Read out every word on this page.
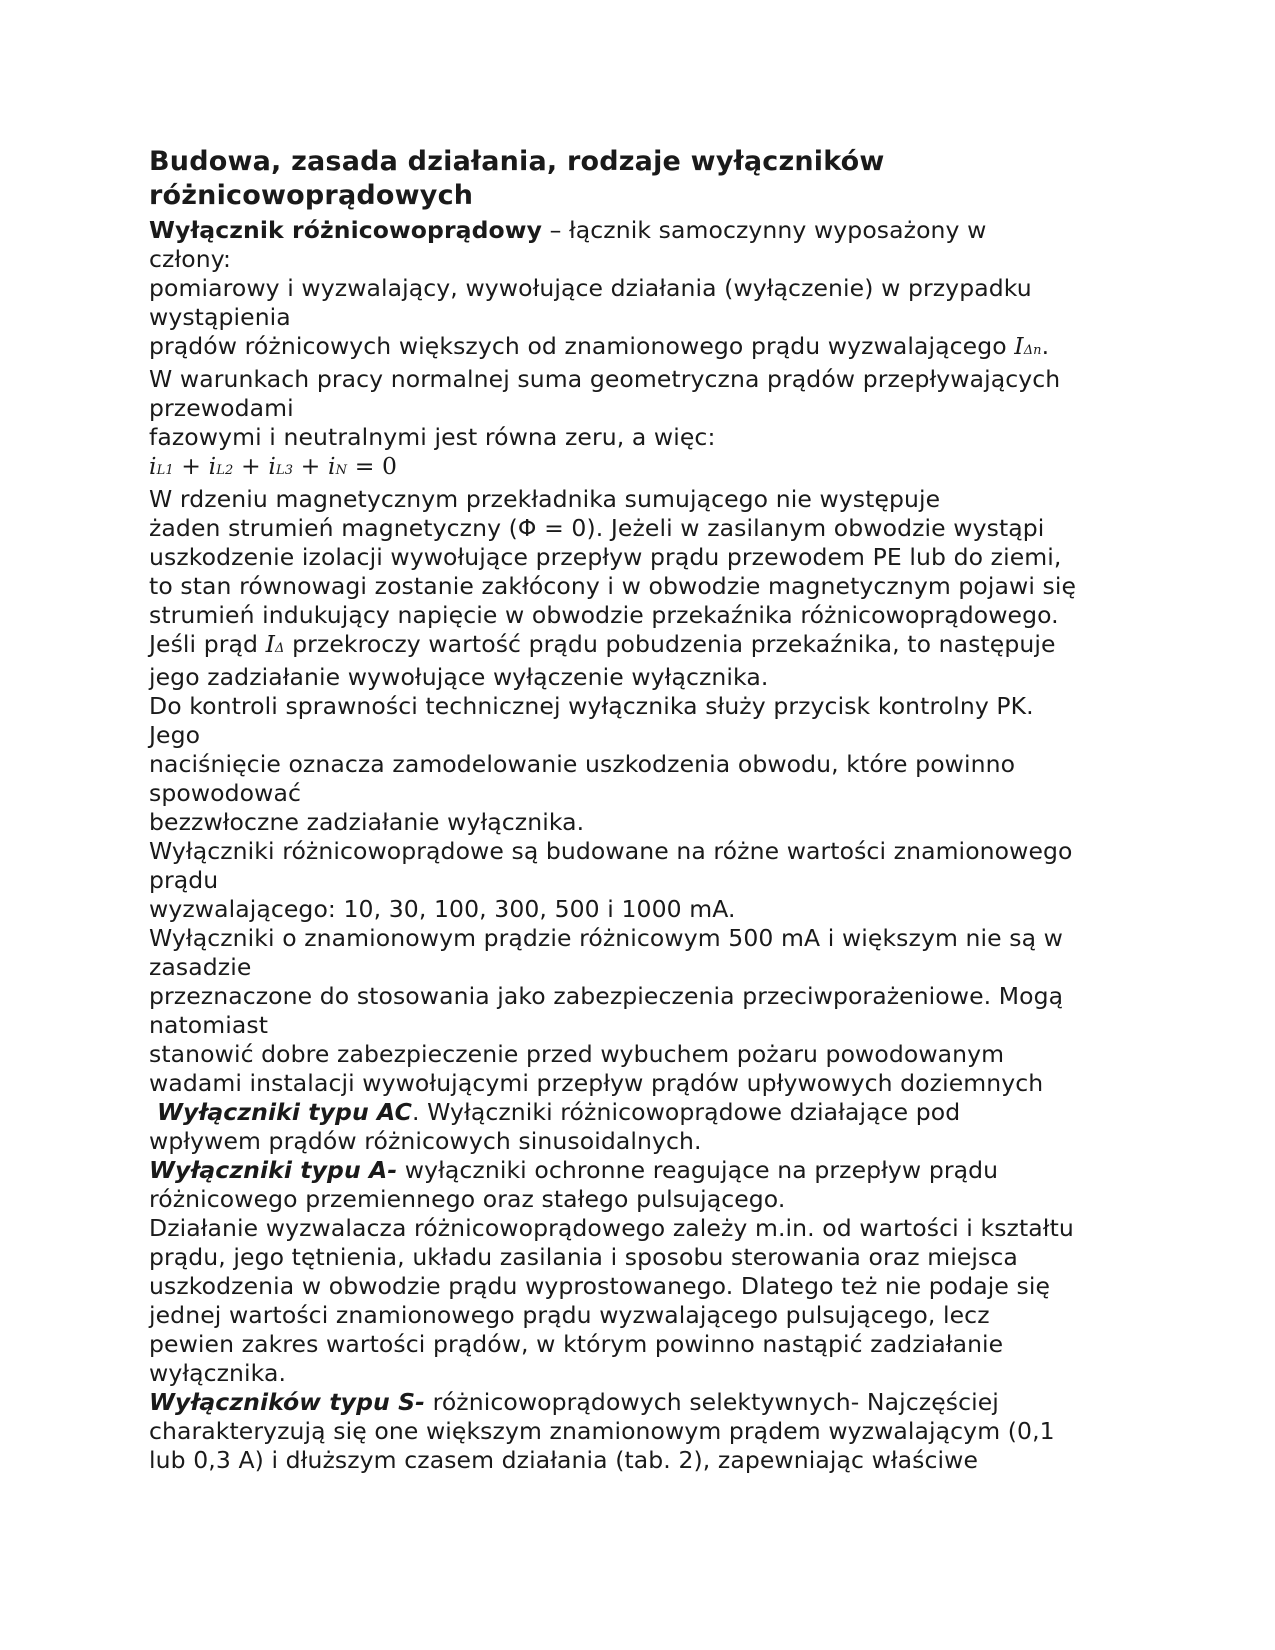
Budowa, zasada działania, rodzaje wyłączników
różnicowoprądowych
Wyłącznik różnicowoprądowy – łącznik samoczynny wyposażony w
człony:
pomiarowy i wyzwalający, wywołujące działania (wyłączenie) w przypadku
wystąpienia
prądów różnicowych większych od znamionowego prądu wyzwalającego IΔn.
W warunkach pracy normalnej suma geometryczna prądów przepływających
przewodami
fazowymi i neutralnymi jest równa zeru, a więc:
iL1 + iL2 + iL3 + iN = 0
W rdzeniu magnetycznym przekładnika sumującego nie występuje
żaden strumień magnetyczny (Φ = 0). Jeżeli w zasilanym obwodzie wystąpi
uszkodzenie izolacji wywołujące przepływ prądu przewodem PE lub do ziemi,
to stan równowagi zostanie zakłócony i w obwodzie magnetycznym pojawi się
strumień indukujący napięcie w obwodzie przekaźnika różnicowoprądowego.
Jeśli prąd IΔ przekroczy wartość prądu pobudzenia przekaźnika, to następuje
jego zadziałanie wywołujące wyłączenie wyłącznika.
Do kontroli sprawności technicznej wyłącznika służy przycisk kontrolny PK.
Jego
naciśnięcie oznacza zamodelowanie uszkodzenia obwodu, które powinno
spowodować
bezzwłoczne zadziałanie wyłącznika.
Wyłączniki różnicowoprądowe są budowane na różne wartości znamionowego
prądu
wyzwalającego: 10, 30, 100, 300, 500 i 1000 mA.
Wyłączniki o znamionowym prądzie różnicowym 500 mA i większym nie są w
zasadzie
przeznaczone do stosowania jako zabezpieczenia przeciwporażeniowe. Mogą
natomiast
stanowić dobre zabezpieczenie przed wybuchem pożaru powodowanym
wadami instalacji wywołującymi przepływ prądów upływowych doziemnych
Wyłączniki typu AC. Wyłączniki różnicowoprądowe działające pod
wpływem prądów różnicowych sinusoidalnych.
Wyłączniki typu A- wyłączniki ochronne reagujące na przepływ prądu
różnicowego przemiennego oraz stałego pulsującego.
Działanie wyzwalacza różnicowoprądowego zależy m.in. od wartości i kształtu
prądu, jego tętnienia, układu zasilania i sposobu sterowania oraz miejsca
uszkodzenia w obwodzie prądu wyprostowanego. Dlatego też nie podaje się
jednej wartości znamionowego prądu wyzwalającego pulsującego, lecz
pewien zakres wartości prądów, w którym powinno nastąpić zadziałanie
wyłącznika.
Wyłączników typu S- różnicowoprądowych selektywnych- Najczęściej
charakteryzują się one większym znamionowym prądem wyzwalającym (0,1
lub 0,3 A) i dłuższym czasem działania (tab. 2), zapewniając właściwe
